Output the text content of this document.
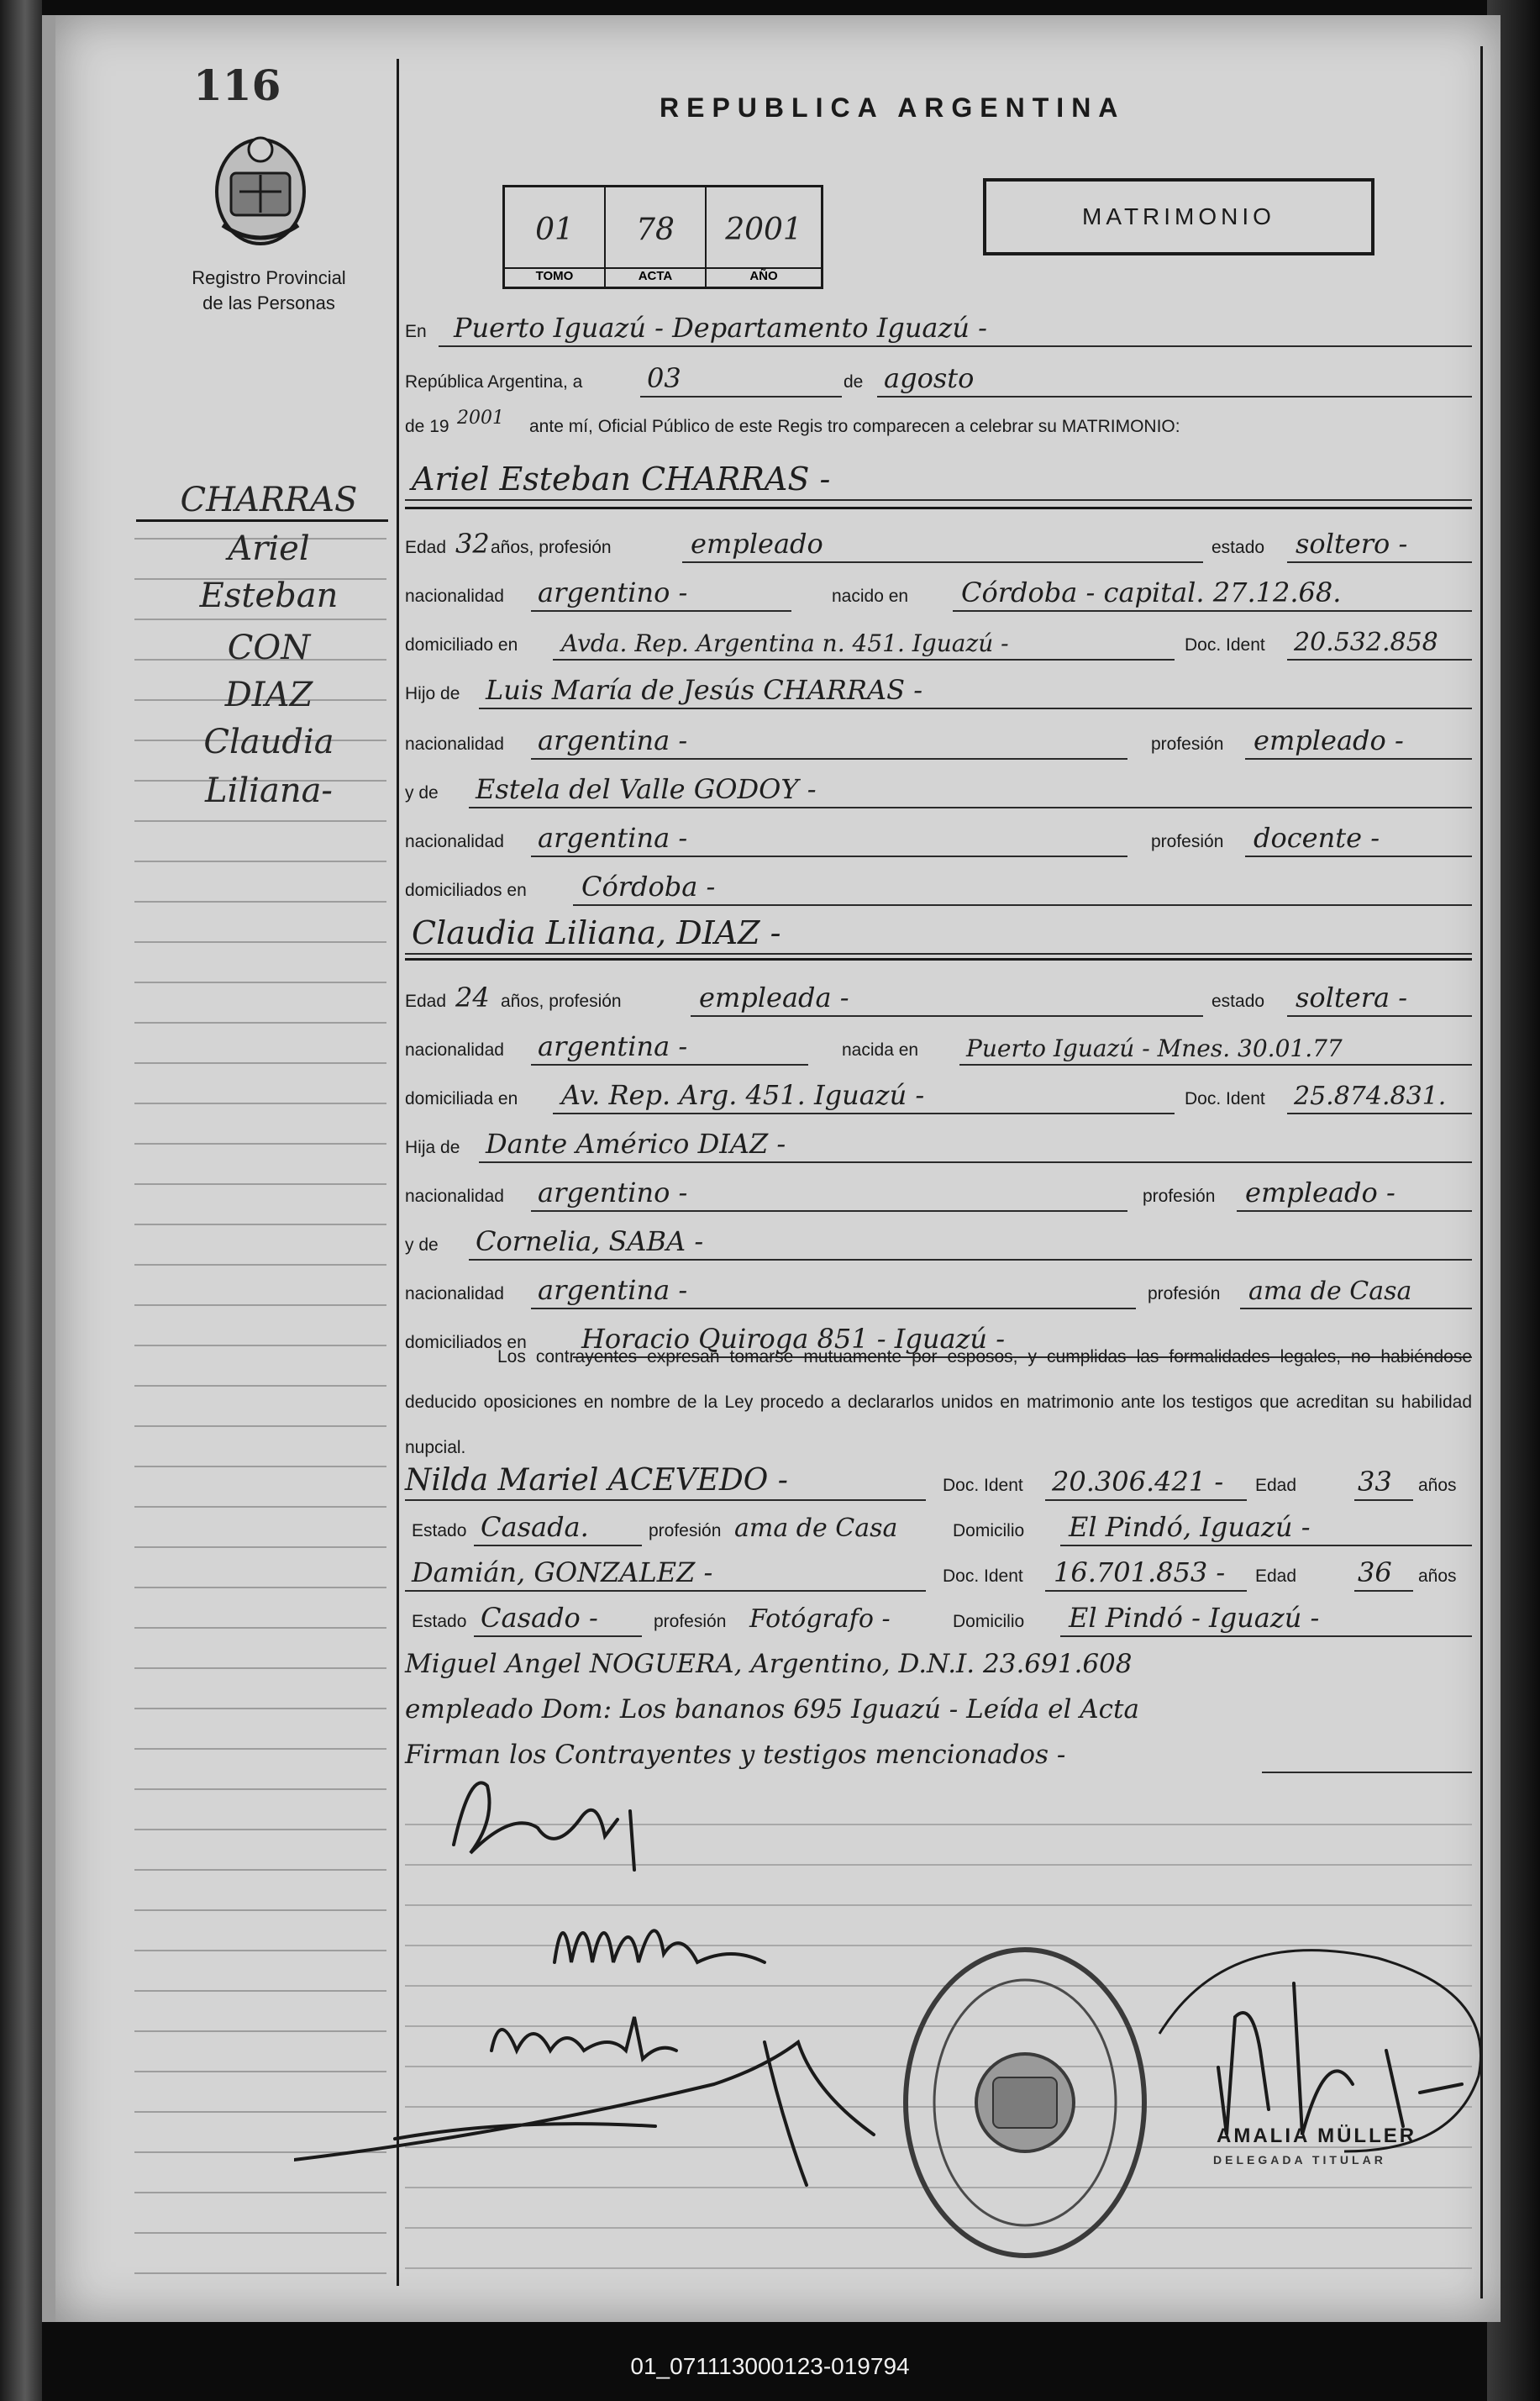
116
Registro Provincial
de las Personas
REPUBLICA ARGENTINA
01
TOMO
78
ACTA
2001
AÑO
MATRIMONIO
En Puerto Iguazú - Departamento Iguazú -
República Argentina, a 03	de agosto
de 19 2001 ante mí, Oficial Público de este Regis tro comparecen a celebrar su MATRIMONIO:
CHARRAS
Ariel
Esteban
CON
DIAZ
Claudia
Liliana-
Ariel Esteban CHARRAS -
Edad 32 años, profesión	empleado	estado soltero -
nacionalidad argentino -	nacido en Córdoba - capital. 27.12.68.
domiciliado en Avda. Rep. Argentina n. 451. Iguazú -	Doc. Ident 20.532.858
Hijo de Luis María de Jesús CHARRAS -
nacionalidad argentina -	profesión empleado -
y de Estela del Valle GODOY -
nacionalidad argentina -	profesión docente -
domiciliados en Córdoba -
Claudia Liliana, DIAZ -
Edad 24 años, profesión	empleada -	estado soltera -
nacionalidad argentina -	nacida en Puerto Iguazú - Mnes. 30.01.77
domiciliada en Av. Rep. Arg. 451. Iguazú -	Doc. Ident 25.874.831.
Hija de Dante Américo DIAZ -
nacionalidad argentino -	profesión empleado -
y de Cornelia, SABA -
nacionalidad argentina -	profesión ama de Casa
domiciliados en Horacio Quiroga 851 - Iguazú -
Los contrayentes expresan tomarse mutuamente por esposos, y cumplidas las formalidades legales, no habiéndose deducido oposiciones en nombre de la Ley procedo a declararlos unidos en matrimonio ante los testigos que acreditan su habilidad nupcial.
Nilda Mariel ACEVEDO -	Doc. Ident 20.306.421 - Edad 33 años
Estado Casada.	profesión ama de Casa	Domicilio El Pindó, Iguazú -
Damián, GONZALEZ -	Doc. Ident 16.701.853 - Edad 36 años
Estado Casado -	profesión Fotógrafo -	Domicilio El Pindó - Iguazú -
Miguel Angel NOGUERA, Argentino, D.N.I. 23.691.608
empleado Dom: Los bananos 695 Iguazú - Leída el Acta
Firman los Contrayentes y testigos mencionados -
AMALIA MÜLLER
DELEGADA TITULAR
01_071113000123-019794
